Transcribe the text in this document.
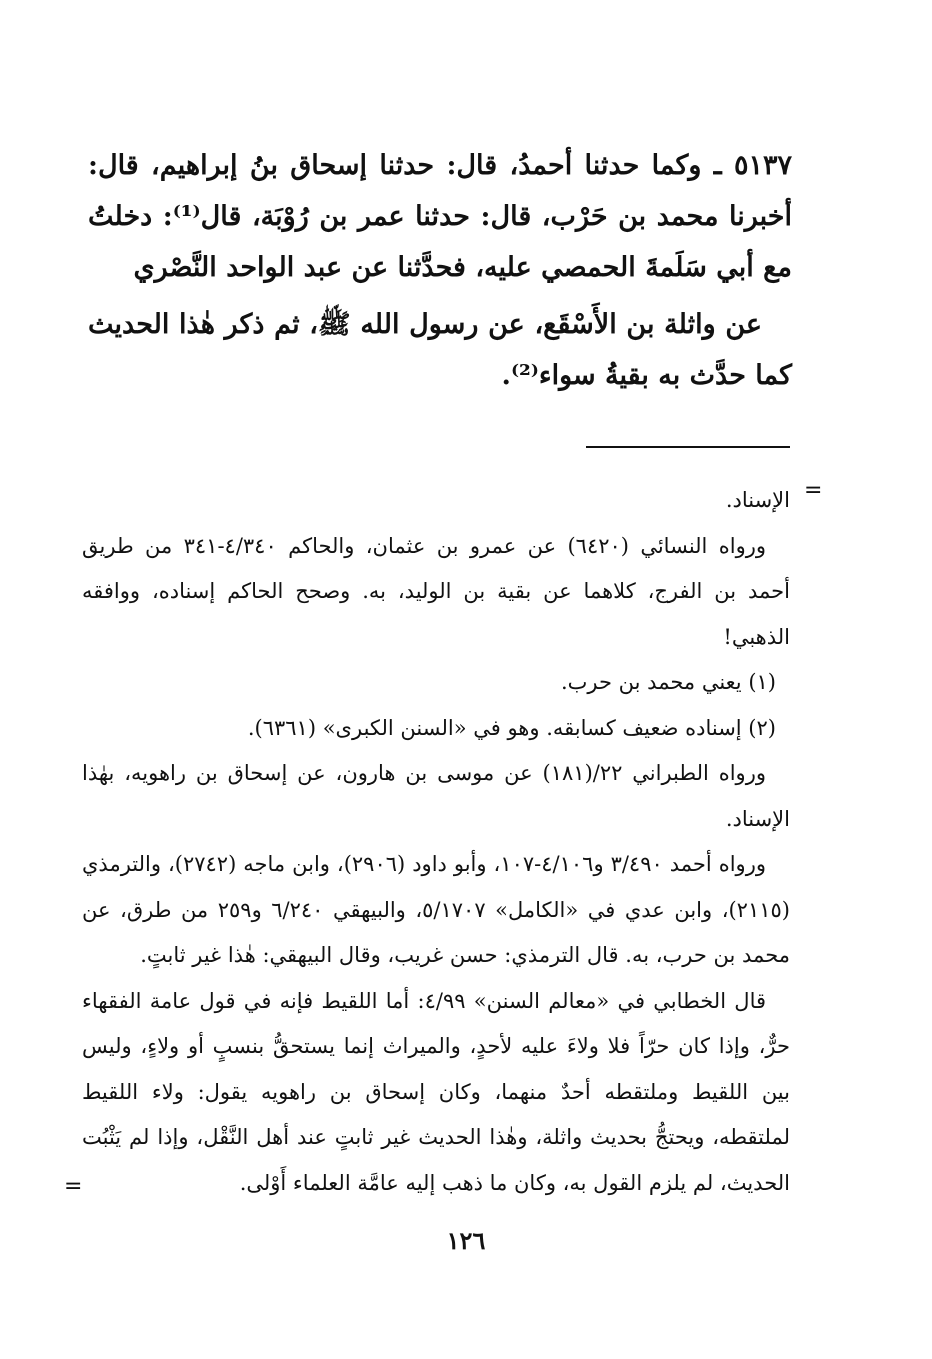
٥١٣٧ ـ وكما حدثنا أحمدُ، قال: حدثنا إسحاق بنُ إبراهيم، قال: أخبرنا محمد بن حَرْب، قال: حدثنا عمر بن رُوْبَة، قال⁽¹⁾: دخلتُ مع أبي سَلَمةَ الحمصي عليه، فحدَّثنا عن عبد الواحد النَّصْري

عن واثلة بن الأَسْقَع، عن رسول الله ﷺ، ثم ذكر هٰذا الحديث كما حدَّث به بقيةُ سواء⁽²⁾.

=

الإسناد.

ورواه النسائي (٦٤٢٠) عن عمرو بن عثمان، والحاكم ٤/٣٤٠-٣٤١ من طريق أحمد بن الفرج، كلاهما عن بقية بن الوليد، به. وصحح الحاكم إسناده، ووافقه الذهبي!

(١) يعني محمد بن حرب.

(٢) إسناده ضعيف كسابقه. وهو في «السنن الكبرى» (٦٣٦١).

ورواه الطبراني ٢٢/(١٨١) عن موسى بن هارون، عن إسحاق بن راهويه، بهٰذا الإسناد.

ورواه أحمد ٣/٤٩٠ و٤/١٠٦-١٠٧، وأبو داود (٢٩٠٦)، وابن ماجه (٢٧٤٢)، والترمذي (٢١١٥)، وابن عدي في «الكامل» ٥/١٧٠٧، والبيهقي ٦/٢٤٠ و٢٥٩ من طرق، عن محمد بن حرب، به. قال الترمذي: حسن غريب، وقال البيهقي: هٰذا غير ثابتٍ.

قال الخطابي في «معالم السنن» ٤/٩٩: أما اللقيط فإنه في قول عامة الفقهاء حرٌّ، وإذا كان حرّاً فلا ولاءَ عليه لأحدٍ، والميراث إنما يستحقُّ بنسبٍ أو ولاءٍ، وليس بين اللقيط وملتقطه أحدٌ منهما، وكان إسحاق بن راهويه يقول: ولاء اللقيط لملتقطه، ويحتجُّ بحديث واثلة، وهٰذا الحديث غير ثابتٍ عند أهل النَّقْل، وإذا لم يَثْبُت الحديث، لم يلزم القول به، وكان ما ذهب إليه عامَّة العلماء أَوْلى.

=
١٢٦
